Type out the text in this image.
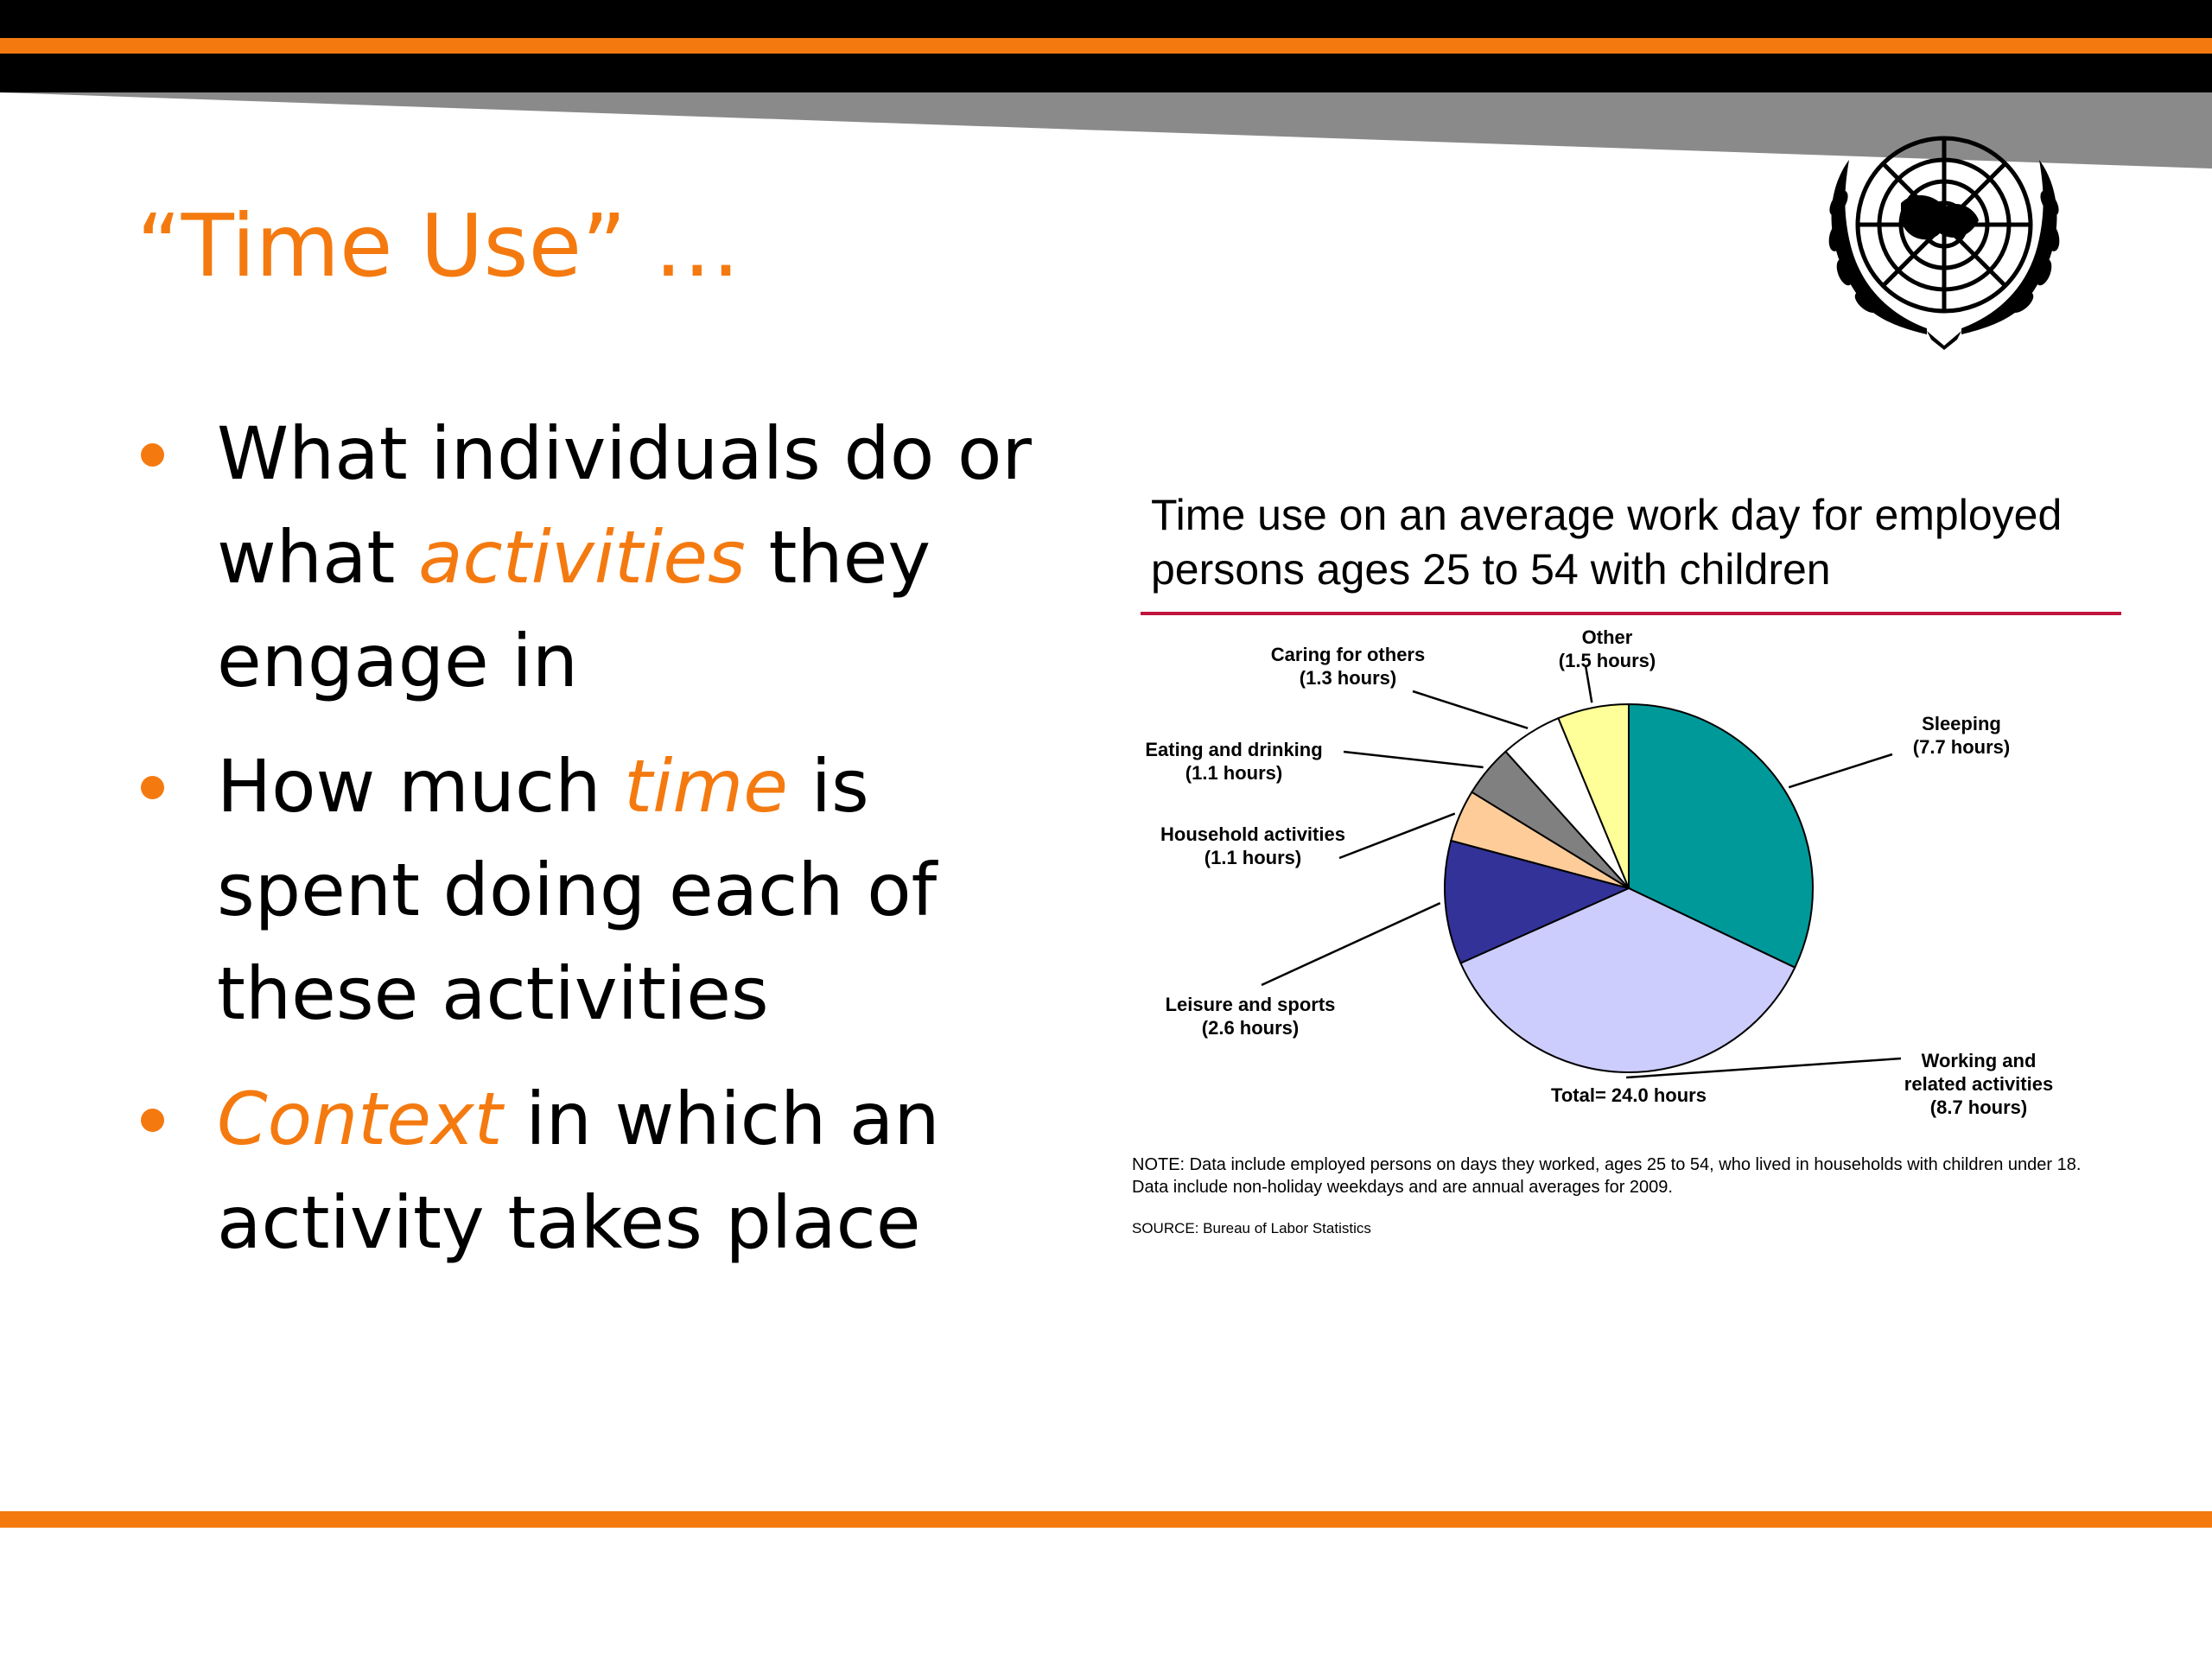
“Time Use” …
What individuals do or what activities they engage in
How much time is spent doing each of these activities
Context in which an activity takes place
Time use on an average work day for employed persons ages 25 to 54 with children
Sleeping
(7.7 hours)
Working and related activities
(8.7 hours)
Leisure and sports
(2.6 hours)
Household activities
(1.1 hours)
Eating and drinking
(1.1 hours)
Caring for others
(1.3 hours)
Other
(1.5 hours)
Total= 24.0 hours
NOTE: Data include employed persons on days they worked, ages 25 to 54, who lived in households with children under 18. Data include non-holiday weekdays and are annual averages for 2009.
SOURCE: Bureau of Labor Statistics
